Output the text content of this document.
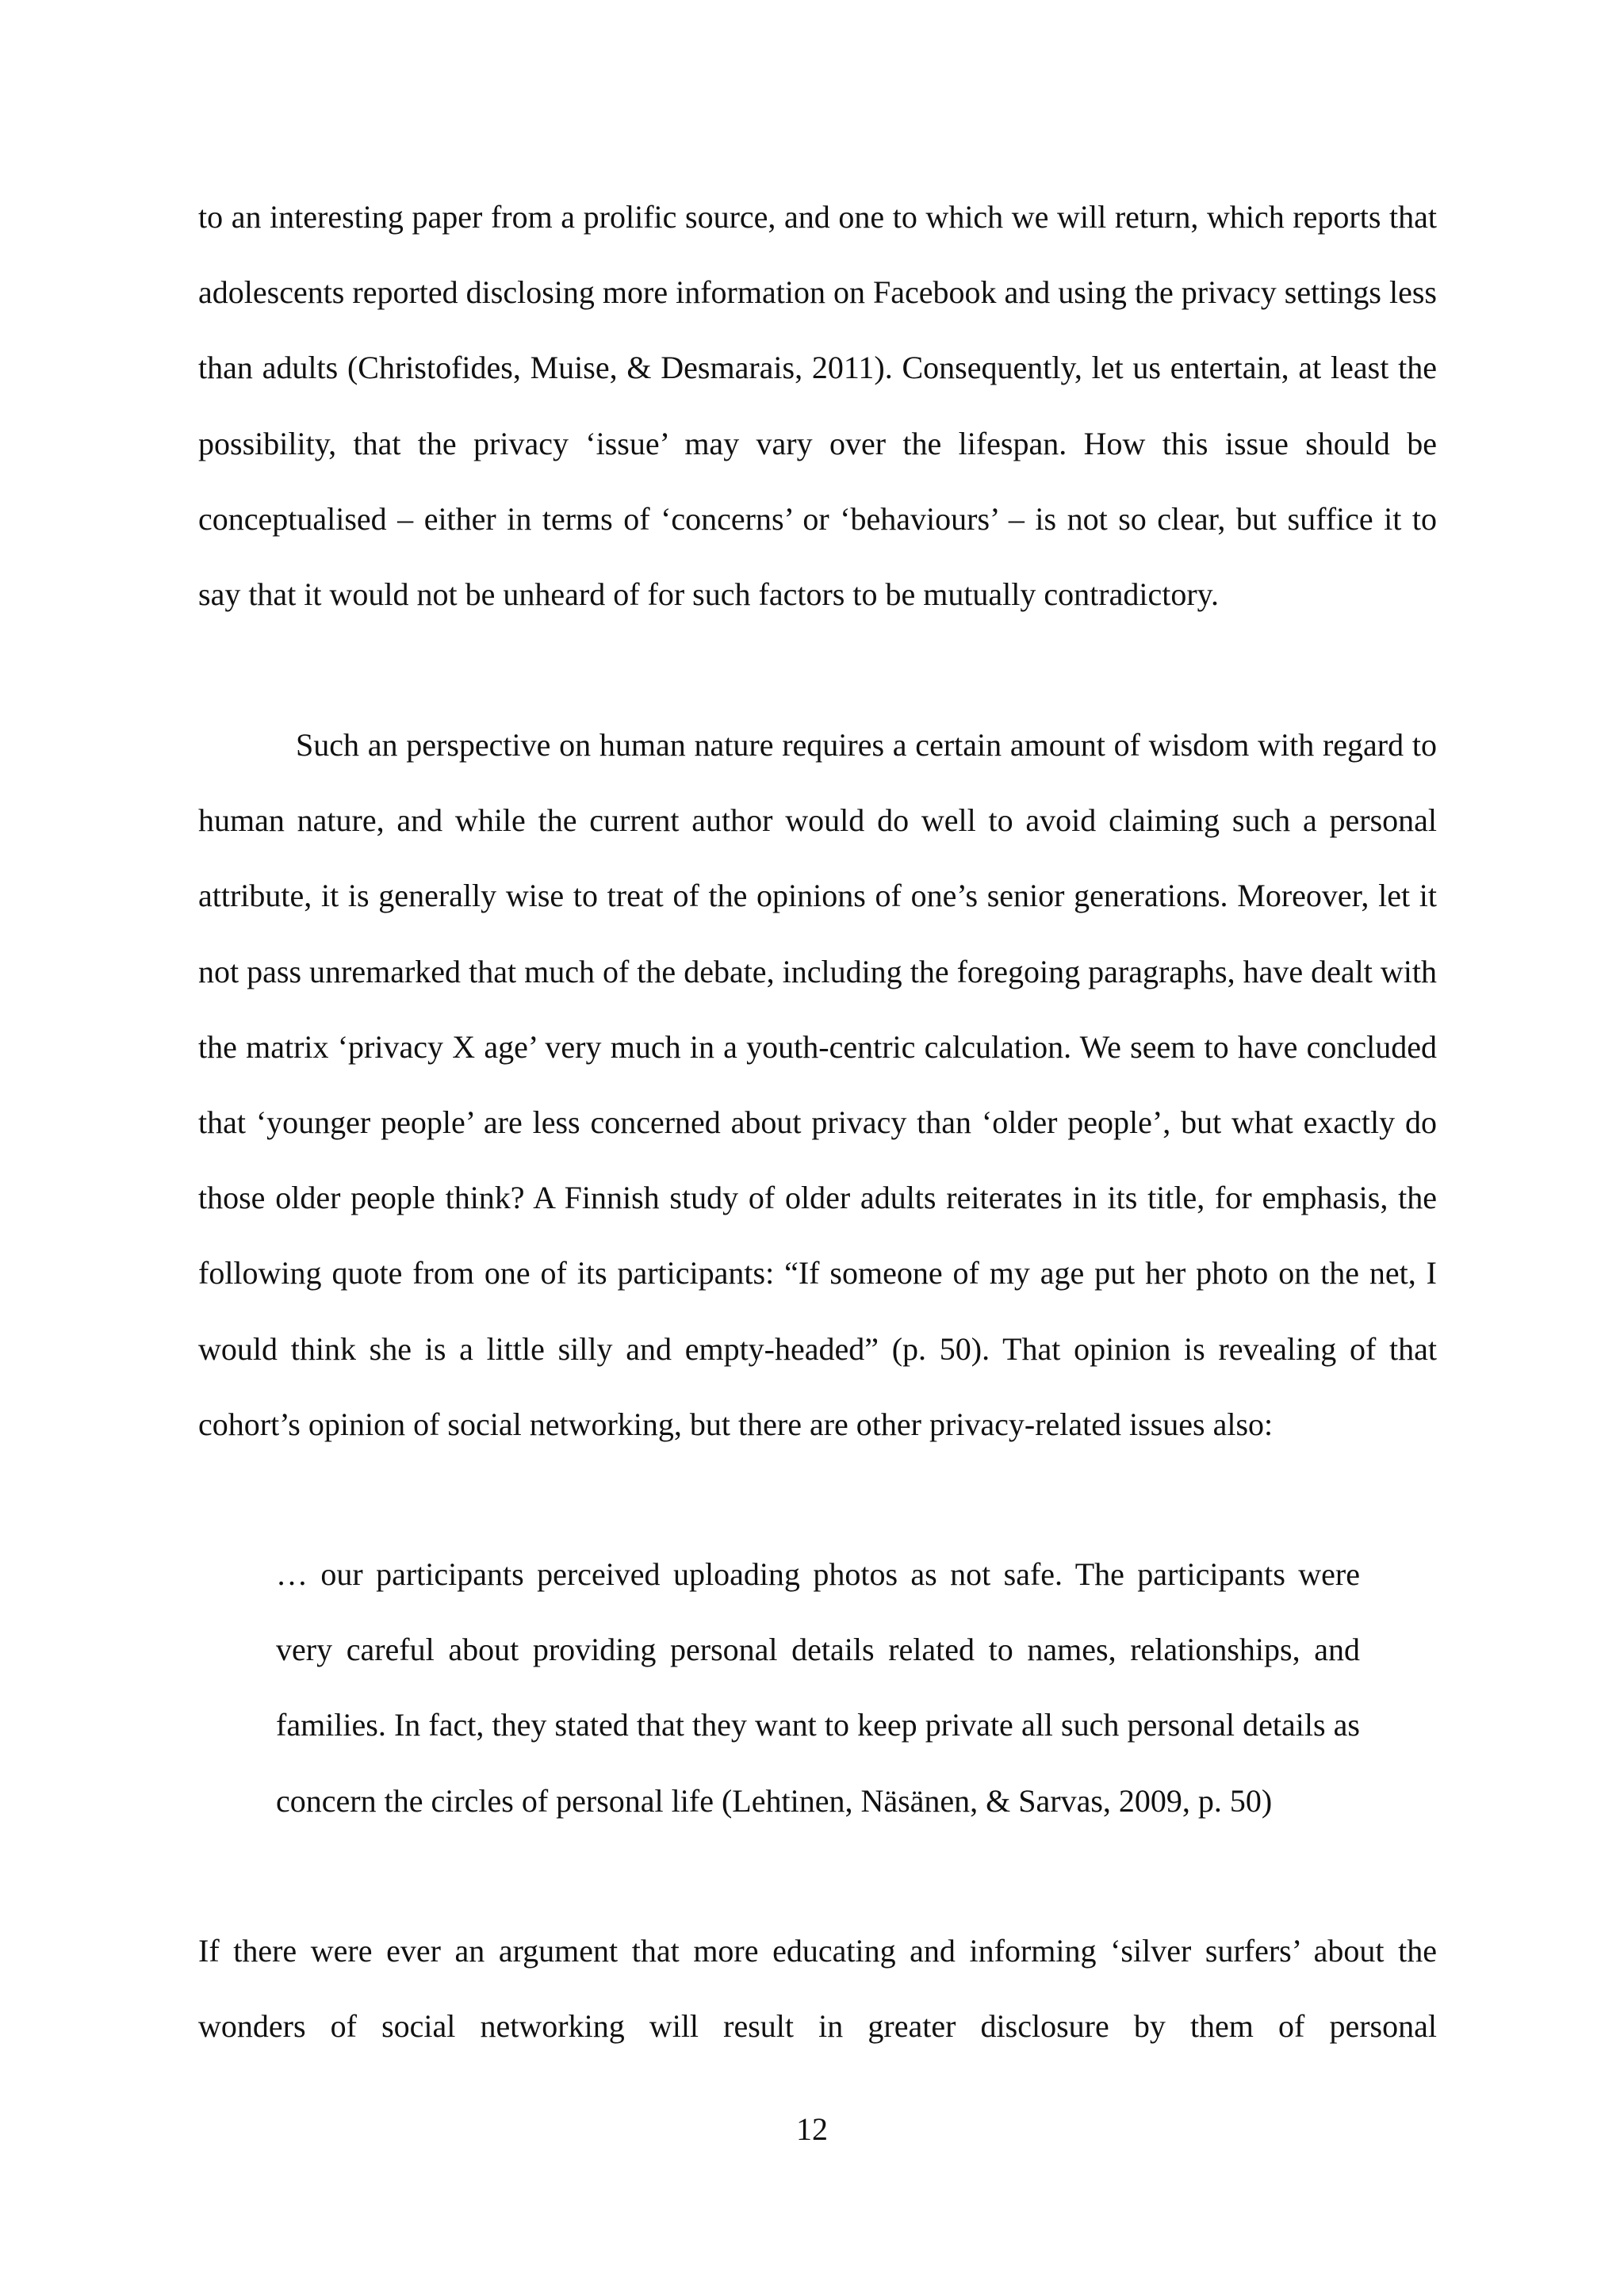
to an interesting paper from a prolific source, and one to which we will return, which reports that adolescents reported disclosing more information on Facebook and using the privacy settings less than adults (Christofides, Muise, & Desmarais, 2011). Consequently, let us entertain, at least the possibility, that the privacy ‘issue’ may vary over the lifespan. How this issue should be conceptualised – either in terms of ‘concerns’ or ‘behaviours’ – is not so clear, but suffice it to say that it would not be unheard of for such factors to be mutually contradictory.

Such an perspective on human nature requires a certain amount of wisdom with regard to human nature, and while the current author would do well to avoid claiming such a personal attribute, it is generally wise to treat of the opinions of one’s senior generations. Moreover, let it not pass unremarked that much of the debate, including the foregoing paragraphs, have dealt with the matrix ‘privacy X age’ very much in a youth-centric calculation. We seem to have concluded that ‘younger people’ are less concerned about privacy than ‘older people’, but what exactly do those older people think? A Finnish study of older adults reiterates in its title, for emphasis, the following quote from one of its participants: “If someone of my age put her photo on the net, I would think she is a little silly and empty-headed” (p. 50). That opinion is revealing of that cohort’s opinion of social networking, but there are other privacy-related issues also:

… our participants perceived uploading photos as not safe. The participants were very careful about providing personal details related to names, relationships, and families. In fact, they stated that they want to keep private all such personal details as concern the circles of personal life (Lehtinen, Näsänen, & Sarvas, 2009, p. 50)

If there were ever an argument that more educating and informing ‘silver surfers’ about the wonders of social networking will result in greater disclosure by them of personal

12
